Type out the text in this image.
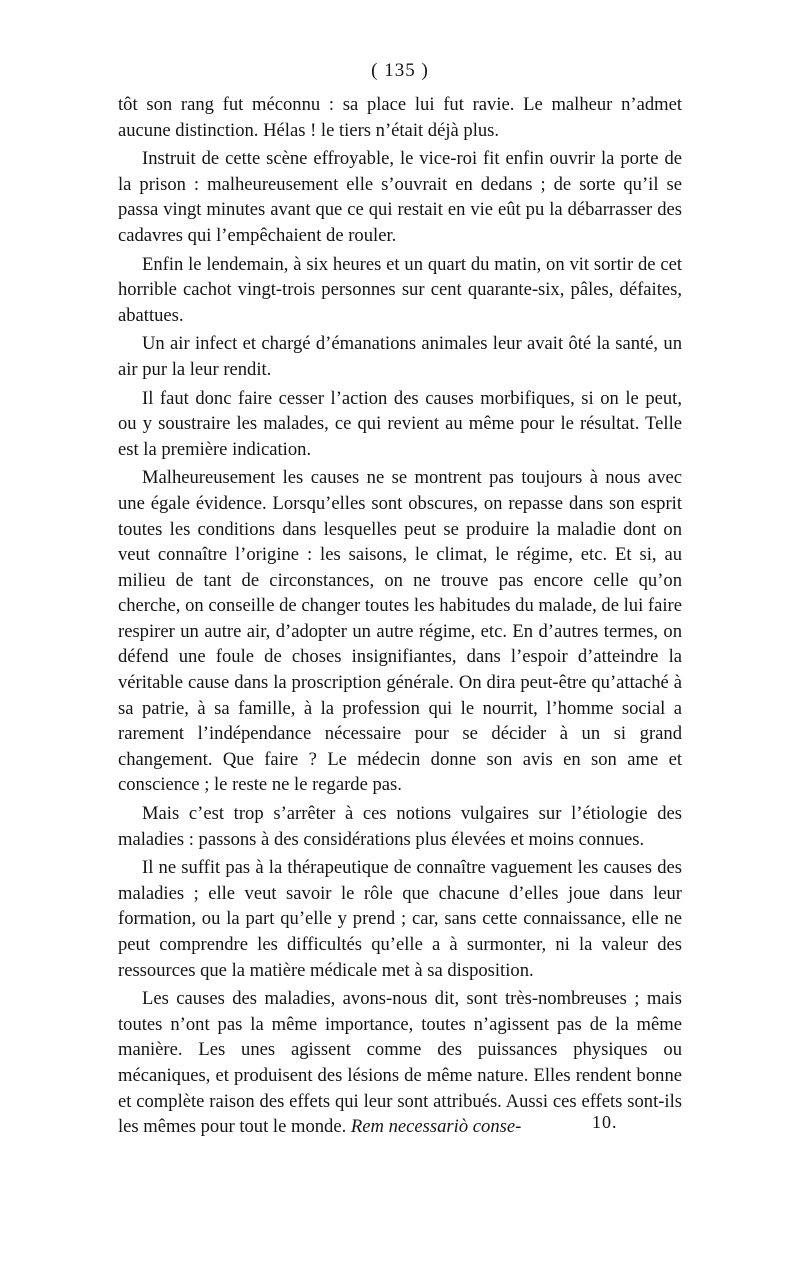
( 135 )

tôt son rang fut méconnu : sa place lui fut ravie. Le malheur n’admet aucune distinction. Hélas ! le tiers n’était déjà plus.

Instruit de cette scène effroyable, le vice-roi fit enfin ouvrir la porte de la prison : malheureusement elle s’ouvrait en dedans ; de sorte qu’il se passa vingt minutes avant que ce qui restait en vie eût pu la débarrasser des cadavres qui l’empêchaient de rouler.

Enfin le lendemain, à six heures et un quart du matin, on vit sortir de cet horrible cachot vingt-trois personnes sur cent quarante-six, pâles, défaites, abattues.

Un air infect et chargé d’émanations animales leur avait ôté la santé, un air pur la leur rendit.

Il faut donc faire cesser l’action des causes morbifiques, si on le peut, ou y soustraire les malades, ce qui revient au même pour le résultat. Telle est la première indication.

Malheureusement les causes ne se montrent pas toujours à nous avec une égale évidence. Lorsqu’elles sont obscures, on repasse dans son esprit toutes les conditions dans lesquelles peut se produire la maladie dont on veut connaître l’origine : les saisons, le climat, le régime, etc. Et si, au milieu de tant de circonstances, on ne trouve pas encore celle qu’on cherche, on conseille de changer toutes les habitudes du malade, de lui faire respirer un autre air, d’adopter un autre régime, etc. En d’autres termes, on défend une foule de choses insignifiantes, dans l’espoir d’atteindre la véritable cause dans la proscription générale. On dira peut-être qu’attaché à sa patrie, à sa famille, à la profession qui le nourrit, l’homme social a rarement l’indépendance nécessaire pour se décider à un si grand changement. Que faire ? Le médecin donne son avis en son ame et conscience ; le reste ne le regarde pas.

Mais c’est trop s’arrêter à ces notions vulgaires sur l’étiologie des maladies : passons à des considérations plus élevées et moins connues.

Il ne suffit pas à la thérapeutique de connaître vaguement les causes des maladies ; elle veut savoir le rôle que chacune d’elles joue dans leur formation, ou la part qu’elle y prend ; car, sans cette connaissance, elle ne peut comprendre les difficultés qu’elle a à surmonter, ni la valeur des ressources que la matière médicale met à sa disposition.

Les causes des maladies, avons-nous dit, sont très-nombreuses ; mais toutes n’ont pas la même importance, toutes n’agissent pas de la même manière. Les unes agissent comme des puissances physiques ou mécaniques, et produisent des lésions de même nature. Elles rendent bonne et complète raison des effets qui leur sont attribués. Aussi ces effets sont-ils les mêmes pour tout le monde. Rem necessariò conse-	10.
